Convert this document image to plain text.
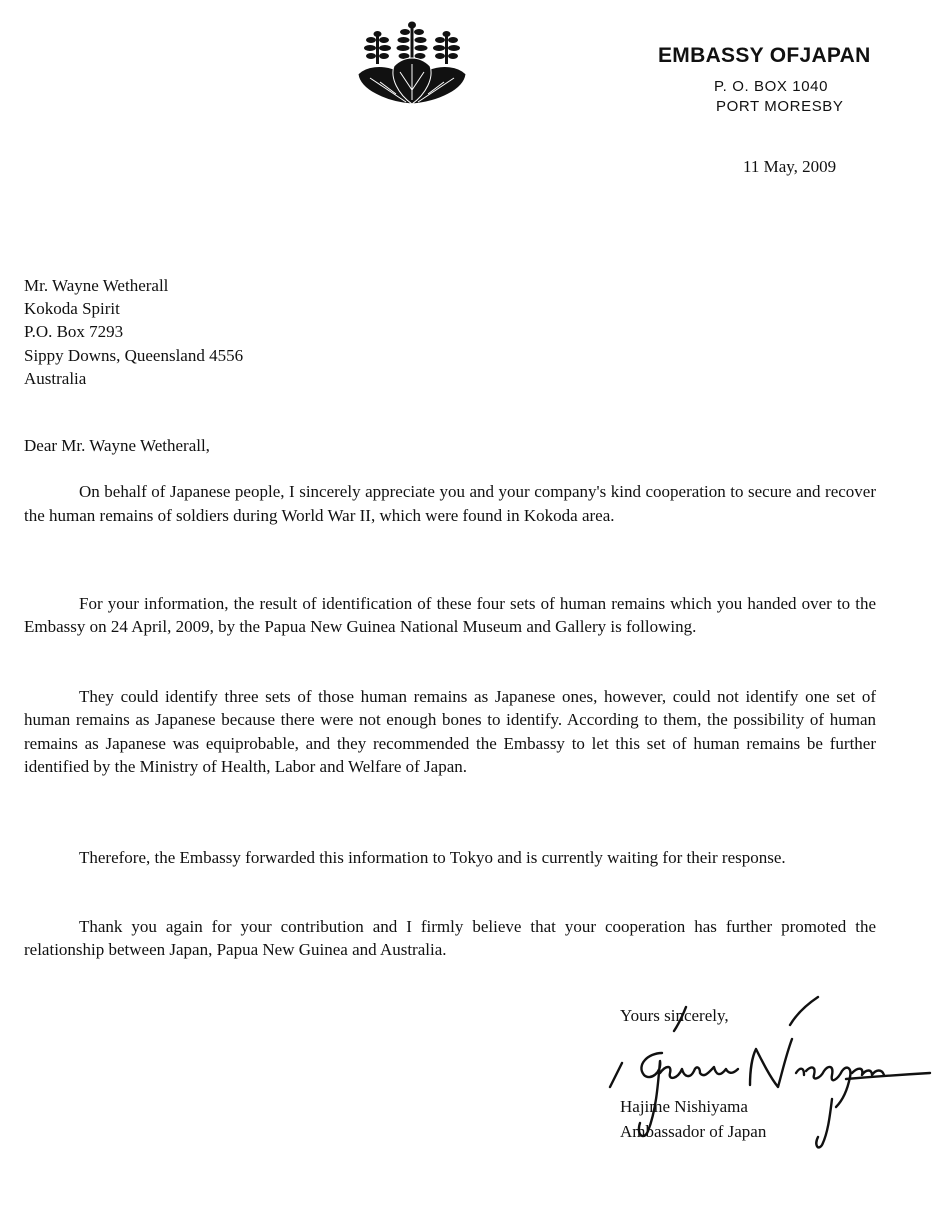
EMBASSY OFJAPAN
P. O. BOX 1040
PORT MORESBY
11 May, 2009
Mr. Wayne Wetherall
Kokoda Spirit
P.O. Box 7293
Sippy Downs, Queensland 4556
Australia
Dear Mr. Wayne Wetherall,

On behalf of Japanese people, I sincerely appreciate you and your company's kind cooperation to secure and recover the human remains of soldiers during World War II, which were found in Kokoda area.

For your information, the result of identification of these four sets of human remains which you handed over to the Embassy on 24 April, 2009, by the Papua New Guinea National Museum and Gallery is following.

They could identify three sets of those human remains as Japanese ones, however, could not identify one set of human remains as Japanese because there were not enough bones to identify. According to them, the possibility of human remains as Japanese was equiprobable, and they recommended the Embassy to let this set of human remains be further identified by the Ministry of Health, Labor and Welfare of Japan.

Therefore, the Embassy forwarded this information to Tokyo and is currently waiting for their response.

Thank you again for your contribution and I firmly believe that your cooperation has further promoted the relationship between Japan, Papua New Guinea and Australia.

Yours sincerely,
Hajime Nishiyama
Ambassador of Japan
